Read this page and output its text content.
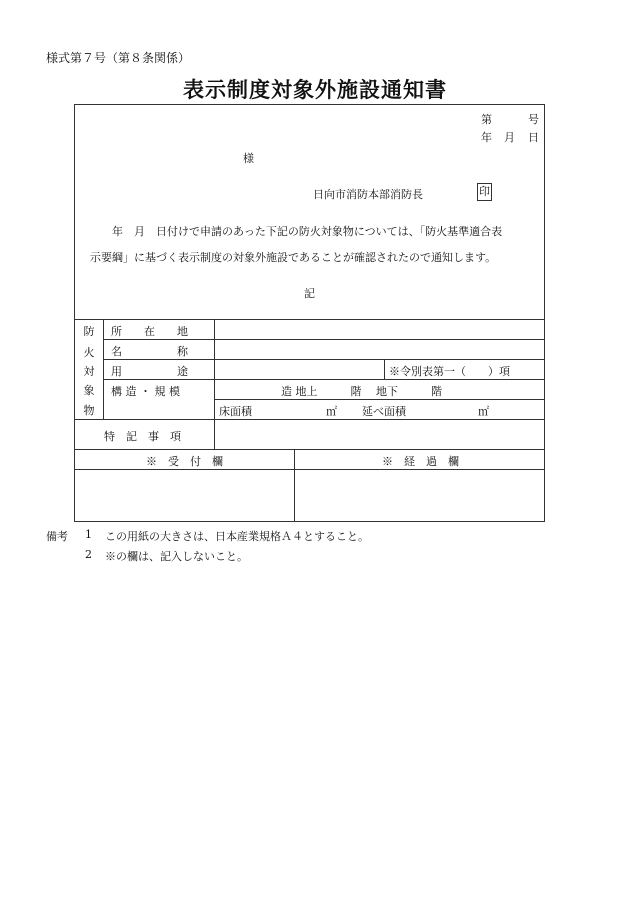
様式第７号（第８条関係）
表示制度対象外施設通知書
第	号
年 月 日
様
日向市消防本部消防長	印
年　月　日付けで申請のあった下記の防火対象物については、「防火基準適合表
示要綱」に基づく表示制度の対象外施設であることが確認されたので通知します。
記
防
火
対
象
物
所　　在　　地
名　　　　　称
用　　　　　途	※令別表第一（　　）項
構 造 ・ 規 模	造 地上　　　階　 地下　　　階
床面積	㎡ 延べ面積	㎡
特　記　事　項
※　受　付　欄	※　経　過　欄
備考 1 この用紙の大きさは、日本産業規格Ａ４とすること。
2 ※の欄は、記入しないこと。
